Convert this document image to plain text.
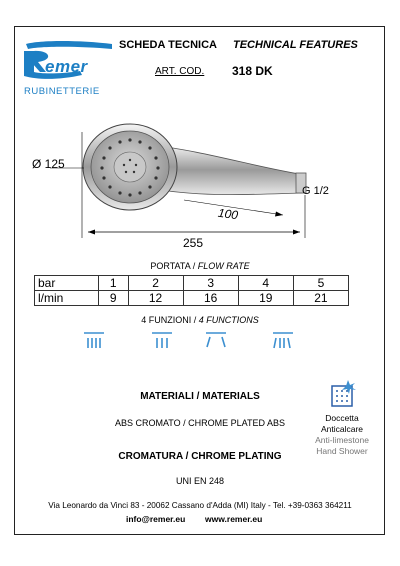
emer
RUBINETTERIE
SCHEDA TECNICA TECHNICAL FEATURES
ART. COD. 318 DK
Ø 125
G 1/2
100
255
PORTATA / FLOW RATE
bar	1	2	3	4	5
l/min	9	12	16	19	21
4 FUNZIONI / 4 FUNCTIONS
MATERIALI / MATERIALS
ABS CROMATO / CHROME PLATED ABS
CROMATURA / CHROME PLATING
UNI EN 248
Doccetta
Anticalcare
Anti-limestone
Hand Shower
Via Leonardo da Vinci 83 - 20062 Cassano d'Adda (MI) Italy - Tel. +39-0363 364211
info@remer.eu www.remer.eu
